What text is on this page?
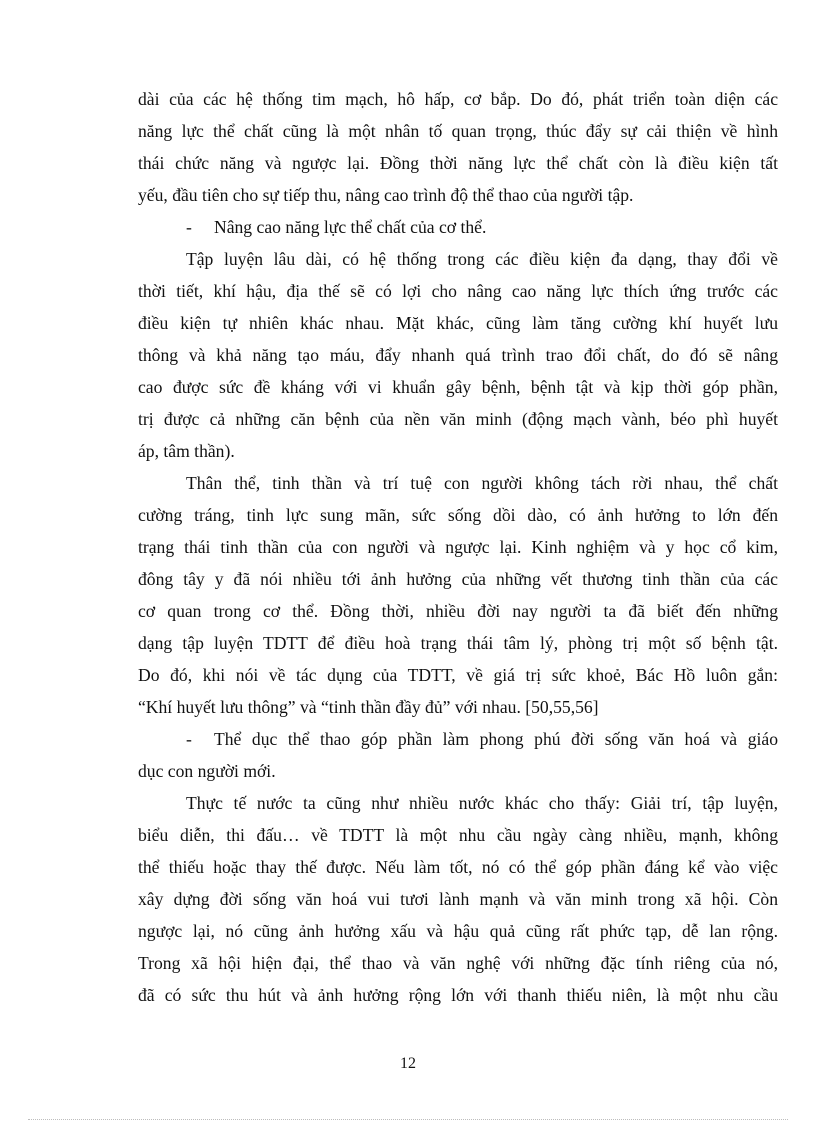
dài của các hệ thống tim mạch, hô hấp, cơ bắp. Do đó, phát triển toàn diện các
năng lực thể chất cũng là một nhân tố quan trọng, thúc đẩy sự cải thiện về hình
thái chức năng và ngược lại. Đồng thời năng lực thể chất còn là điều kiện tất
yếu, đầu tiên cho sự tiếp thu, nâng cao trình độ thể thao của người tập.
- Nâng cao năng lực thể chất của cơ thể.
Tập luyện lâu dài, có hệ thống trong các điều kiện đa dạng, thay đổi về
thời tiết, khí hậu, địa thế sẽ có lợi cho nâng cao năng lực thích ứng trước các
điều kiện tự nhiên khác nhau. Mặt khác, cũng làm tăng cường khí huyết lưu
thông và khả năng tạo máu, đẩy nhanh quá trình trao đổi chất, do đó sẽ nâng
cao được sức đề kháng với vi khuẩn gây bệnh, bệnh tật và kịp thời góp phần,
trị được cả những căn bệnh của nền văn minh (động mạch vành, béo phì huyết
áp, tâm thần).
Thân thể, tinh thần và trí tuệ con người không tách rời nhau, thể chất
cường tráng, tinh lực sung mãn, sức sống dồi dào, có ảnh hưởng to lớn đến
trạng thái tinh thần của con người và ngược lại. Kinh nghiệm và y học cổ kim,
đông tây y đã nói nhiều tới ảnh hưởng của những vết thương tinh thần của các
cơ quan trong cơ thể. Đồng thời, nhiều đời nay người ta đã biết đến những
dạng tập luyện TDTT để điều hoà trạng thái tâm lý, phòng trị một số bệnh tật.
Do đó, khi nói về tác dụng của TDTT, về giá trị sức khoẻ, Bác Hồ luôn gắn:
“Khí huyết lưu thông” và “tinh thần đầy đủ” với nhau. [50,55,56]
- Thể dục thể thao góp phần làm phong phú đời sống văn hoá và giáo
dục con người mới.
Thực tế nước ta cũng như nhiều nước khác cho thấy: Giải trí, tập luyện,
biểu diễn, thi đấu… về TDTT là một nhu cầu ngày càng nhiều, mạnh, không
thể thiếu hoặc thay thế được. Nếu làm tốt, nó có thể góp phần đáng kể vào việc
xây dựng đời sống văn hoá vui tươi lành mạnh và văn minh trong xã hội. Còn
ngược lại, nó cũng ảnh hưởng xấu và hậu quả cũng rất phức tạp, dễ lan rộng.
Trong xã hội hiện đại, thể thao và văn nghệ với những đặc tính riêng của nó,
đã có sức thu hút và ảnh hưởng rộng lớn với thanh thiếu niên, là một nhu cầu
12
